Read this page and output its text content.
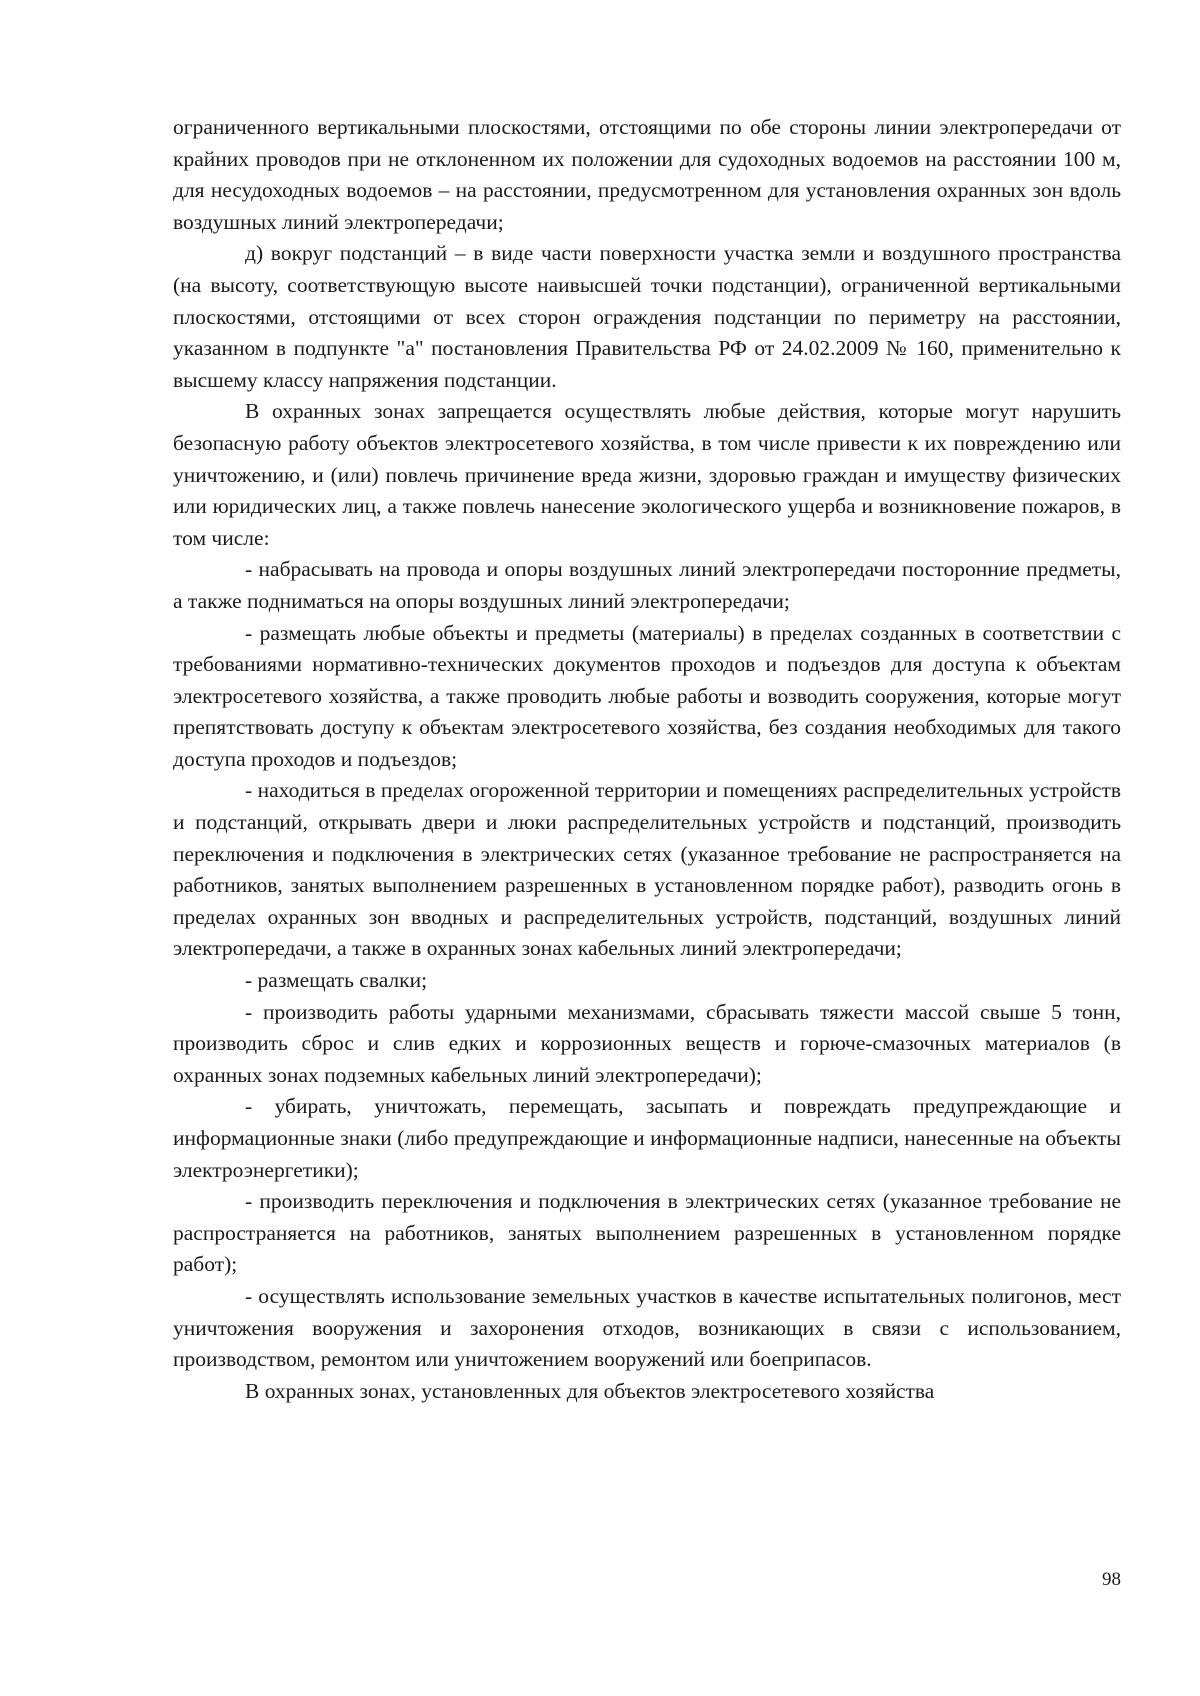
ограниченного вертикальными плоскостями, отстоящими по обе стороны линии электропередачи от крайних проводов при не отклоненном их положении для судоходных водоемов на расстоянии 100 м, для несудоходных водоемов – на расстоянии, предусмотренном для установления охранных зон вдоль воздушных линий электропередачи;

д) вокруг подстанций – в виде части поверхности участка земли и воздушного пространства (на высоту, соответствующую высоте наивысшей точки подстанции), ограниченной вертикальными плоскостями, отстоящими от всех сторон ограждения подстанции по периметру на расстоянии, указанном в подпункте "а" постановления Правительства РФ от 24.02.2009 № 160, применительно к высшему классу напряжения подстанции.

В охранных зонах запрещается осуществлять любые действия, которые могут нарушить безопасную работу объектов электросетевого хозяйства, в том числе привести к их повреждению или уничтожению, и (или) повлечь причинение вреда жизни, здоровью граждан и имуществу физических или юридических лиц, а также повлечь нанесение экологического ущерба и возникновение пожаров, в том числе:

- набрасывать на провода и опоры воздушных линий электропередачи посторонние предметы, а также подниматься на опоры воздушных линий электропередачи;

- размещать любые объекты и предметы (материалы) в пределах созданных в соответствии с требованиями нормативно-технических документов проходов и подъездов для доступа к объектам электросетевого хозяйства, а также проводить любые работы и возводить сооружения, которые могут препятствовать доступу к объектам электросетевого хозяйства, без создания необходимых для такого доступа проходов и подъездов;

- находиться в пределах огороженной территории и помещениях распределительных устройств и подстанций, открывать двери и люки распределительных устройств и подстанций, производить переключения и подключения в электрических сетях (указанное требование не распространяется на работников, занятых выполнением разрешенных в установленном порядке работ), разводить огонь в пределах охранных зон вводных и распределительных устройств, подстанций, воздушных линий электропередачи, а также в охранных зонах кабельных линий электропередачи;

- размещать свалки;

- производить работы ударными механизмами, сбрасывать тяжести массой свыше 5 тонн, производить сброс и слив едких и коррозионных веществ и горюче-смазочных материалов (в охранных зонах подземных кабельных линий электропередачи);

- убирать, уничтожать, перемещать, засыпать и повреждать предупреждающие и информационные знаки (либо предупреждающие и информационные надписи, нанесенные на объекты электроэнергетики);

- производить переключения и подключения в электрических сетях (указанное требование не распространяется на работников, занятых выполнением разрешенных в установленном порядке работ);

- осуществлять использование земельных участков в качестве испытательных полигонов, мест уничтожения вооружения и захоронения отходов, возникающих в связи с использованием, производством, ремонтом или уничтожением вооружений или боеприпасов.

В охранных зонах, установленных для объектов электросетевого хозяйства

98
